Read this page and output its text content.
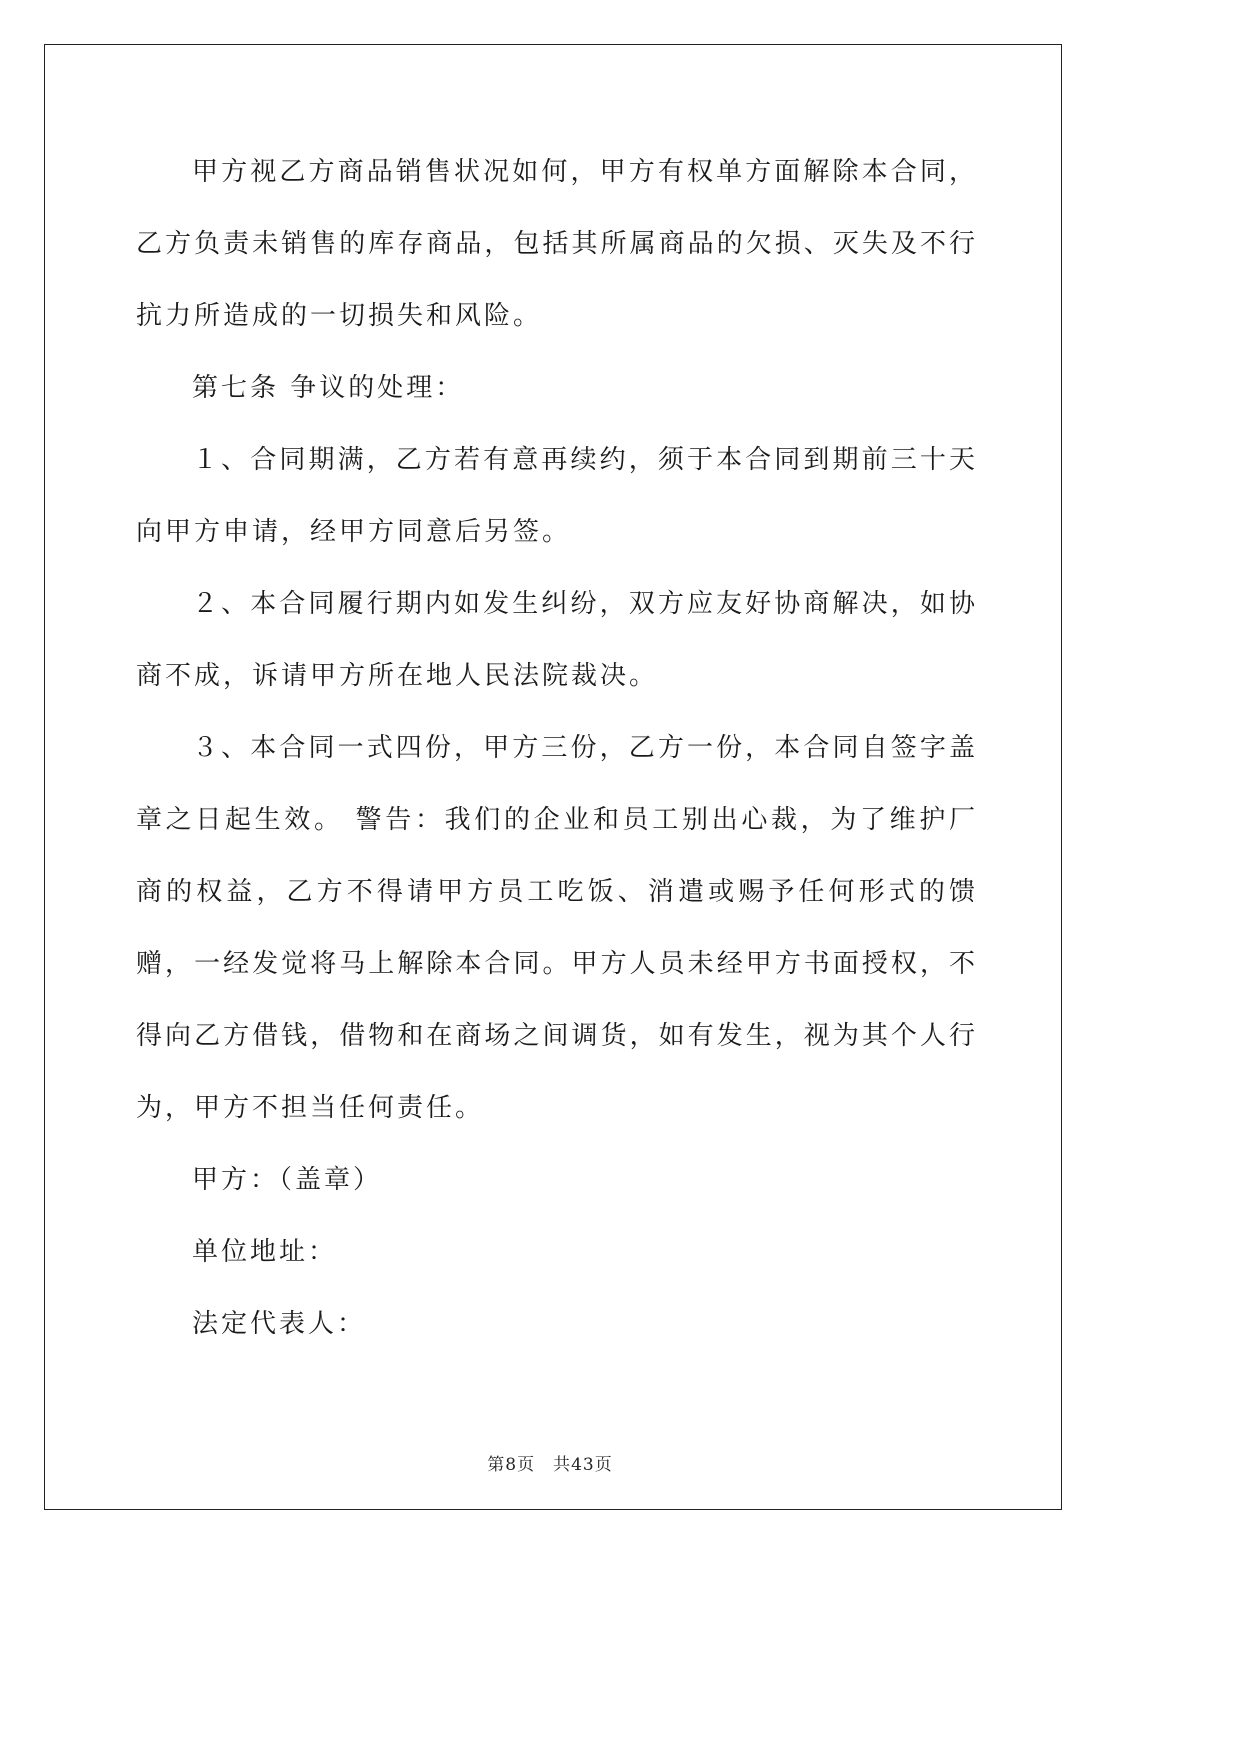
甲方视乙方商品销售状况如何，甲方有权单方面解除本合同，乙方负责未销售的库存商品，包括其所属商品的欠损、灭失及不行抗力所造成的一切损失和风险。

第七条 争议的处理：

１、合同期满，乙方若有意再续约，须于本合同到期前三十天向甲方申请，经甲方同意后另签。

２、本合同履行期内如发生纠纷，双方应友好协商解决，如协商不成，诉请甲方所在地人民法院裁决。

３、本合同一式四份，甲方三份，乙方一份，本合同自签字盖章之日起生效。 警告：我们的企业和员工别出心裁，为了维护厂商的权益，乙方不得请甲方员工吃饭、消遣或赐予任何形式的馈赠，一经发觉将马上解除本合同。甲方人员未经甲方书面授权，不得向乙方借钱，借物和在商场之间调货，如有发生，视为其个人行为，甲方不担当任何责任。

甲方：（盖章）

单位地址：

法定代表人：

第8页 共43页
